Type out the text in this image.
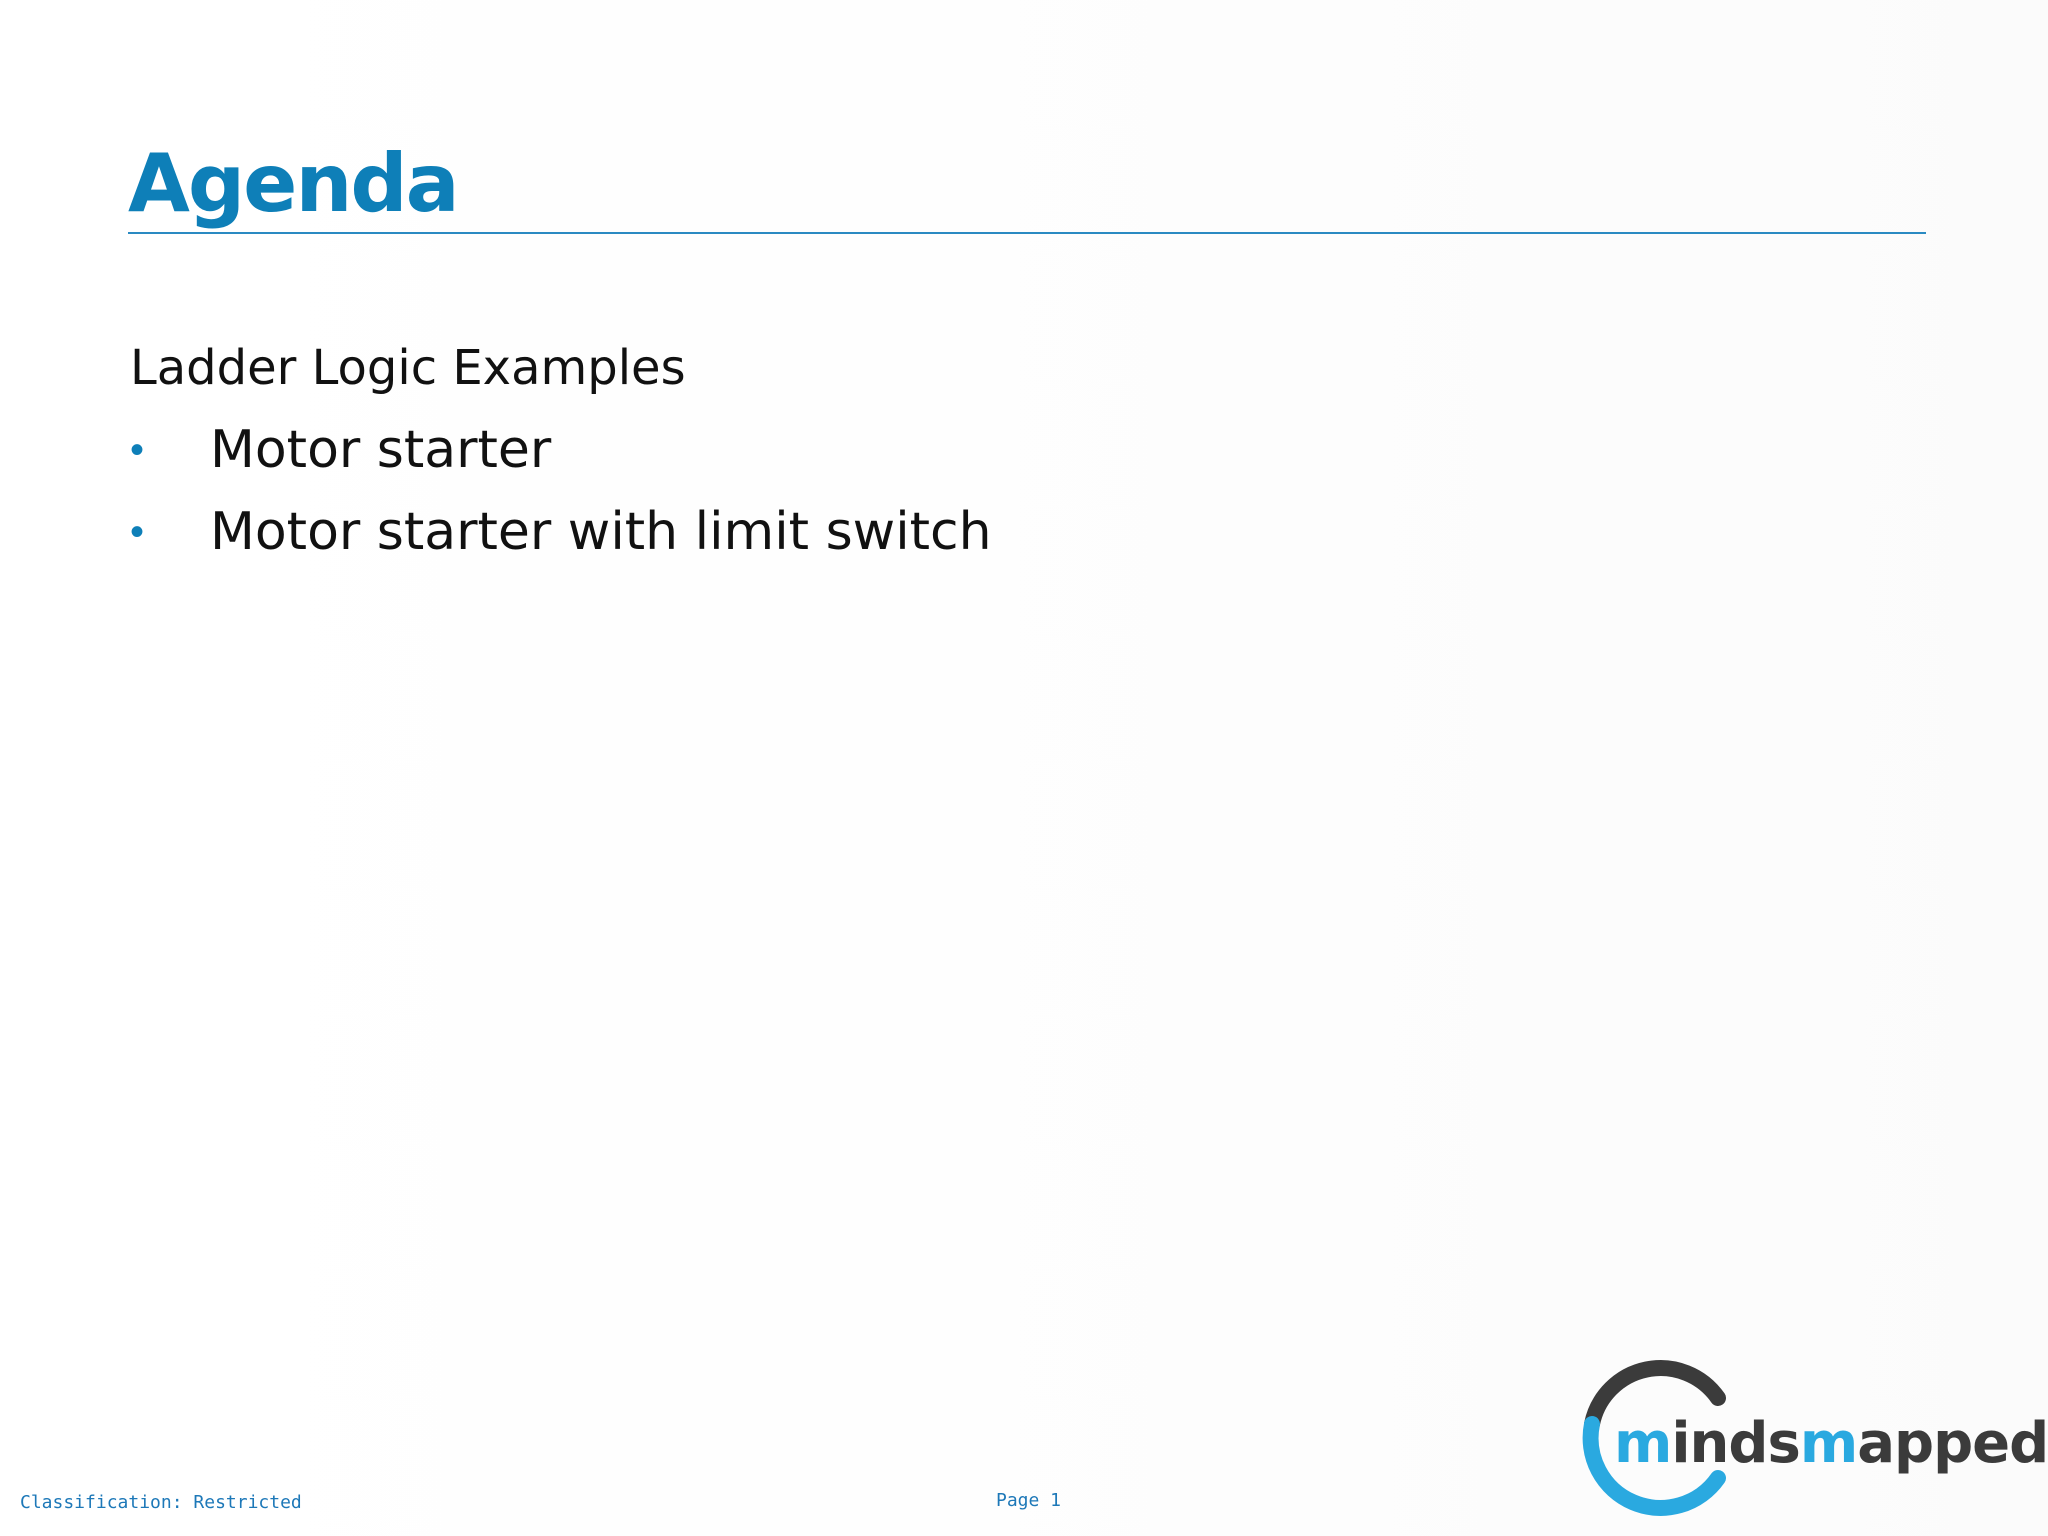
Agenda
Ladder Logic Examples
•	Motor starter
•	Motor starter with limit switch
Classification: Restricted	Page 1
mindsmapped
